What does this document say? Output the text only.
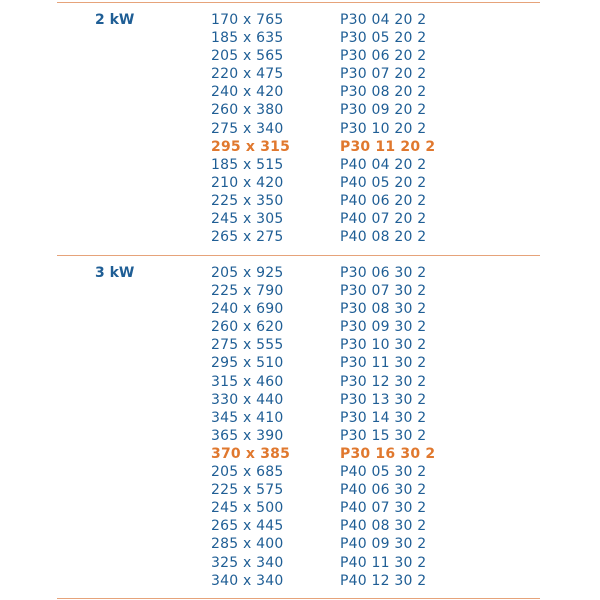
2 kW	170 x 765	P30 04 20 2
185 x 635	P30 05 20 2
205 x 565	P30 06 20 2
220 x 475	P30 07 20 2
240 x 420	P30 08 20 2
260 x 380	P30 09 20 2
275 x 340	P30 10 20 2
295 x 315	P30 11 20 2
185 x 515	P40 04 20 2
210 x 420	P40 05 20 2
225 x 350	P40 06 20 2
245 x 305	P40 07 20 2
265 x 275	P40 08 20 2
3 kW	205 x 925	P30 06 30 2
225 x 790	P30 07 30 2
240 x 690	P30 08 30 2
260 x 620	P30 09 30 2
275 x 555	P30 10 30 2
295 x 510	P30 11 30 2
315 x 460	P30 12 30 2
330 x 440	P30 13 30 2
345 x 410	P30 14 30 2
365 x 390	P30 15 30 2
370 x 385	P30 16 30 2
205 x 685	P40 05 30 2
225 x 575	P40 06 30 2
245 x 500	P40 07 30 2
265 x 445	P40 08 30 2
285 x 400	P40 09 30 2
325 x 340	P40 11 30 2
340 x 340	P40 12 30 2
